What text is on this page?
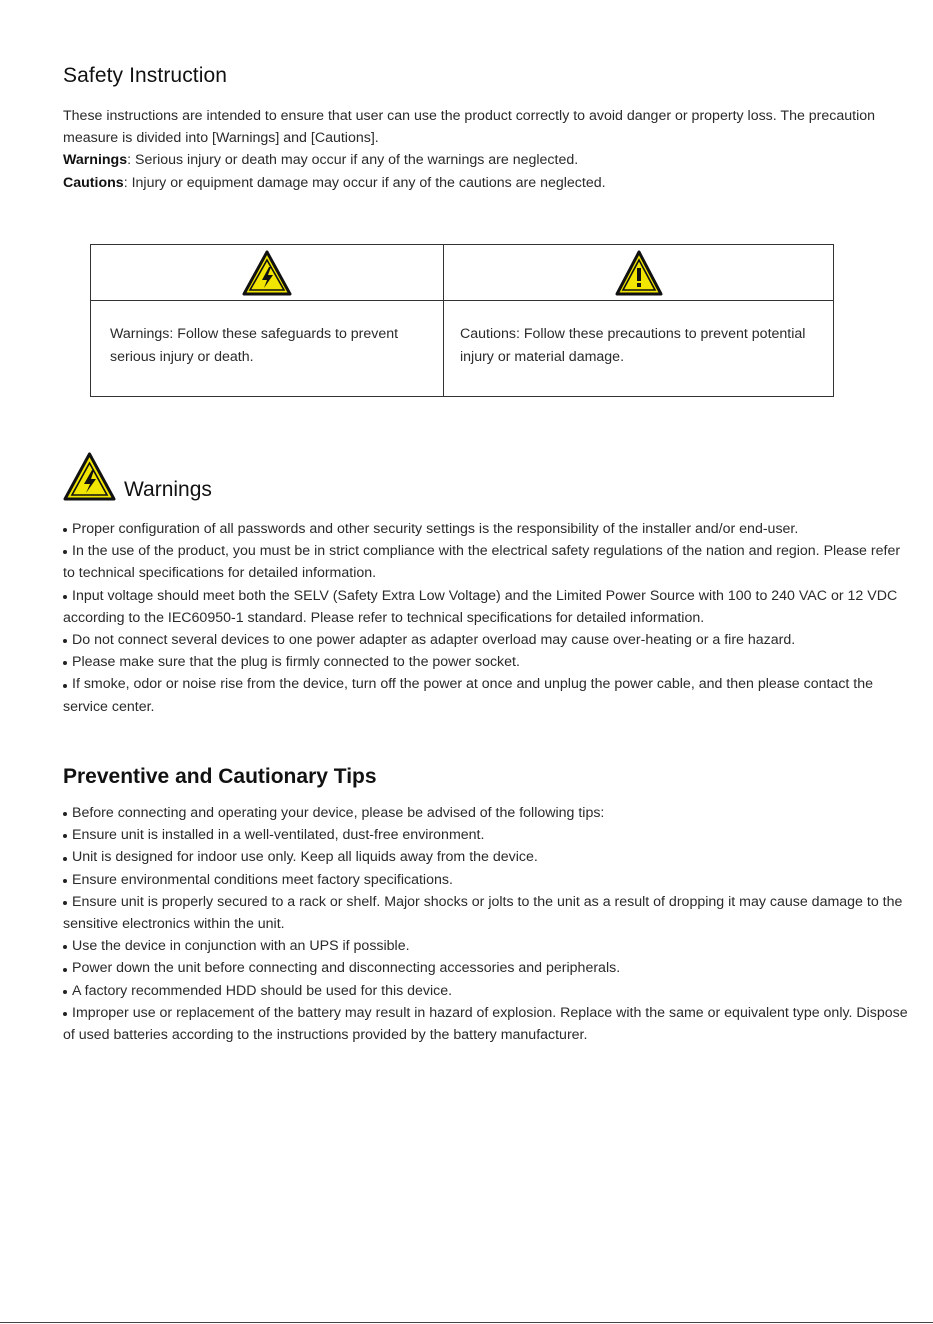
Safety Instruction
These instructions are intended to ensure that user can use the product correctly to avoid danger or property loss. The precaution measure is divided into [Warnings] and [Cautions].
Warnings: Serious injury or death may occur if any of the warnings are neglected.
Cautions: Injury or equipment damage may occur if any of the cautions are neglected.

Warnings: Follow these safeguards to prevent serious injury or death.	Cautions: Follow these precautions to prevent potential injury or material damage.
Warnings
Proper configuration of all passwords and other security settings is the responsibility of the installer and/or end-user.
In the use of the product, you must be in strict compliance with the electrical safety regulations of the nation and region. Please refer to technical specifications for detailed information.
Input voltage should meet both the SELV (Safety Extra Low Voltage) and the Limited Power Source with 100 to 240 VAC or 12 VDC according to the IEC60950-1 standard. Please refer to technical specifications for detailed information.
Do not connect several devices to one power adapter as adapter overload may cause over-heating or a fire hazard.
Please make sure that the plug is firmly connected to the power socket.
If smoke, odor or noise rise from the device, turn off the power at once and unplug the power cable, and then please contact the service center.
Preventive and Cautionary Tips
Before connecting and operating your device, please be advised of the following tips:
Ensure unit is installed in a well-ventilated, dust-free environment.
Unit is designed for indoor use only. Keep all liquids away from the device.
Ensure environmental conditions meet factory specifications.
Ensure unit is properly secured to a rack or shelf. Major shocks or jolts to the unit as a result of dropping it may cause damage to the sensitive electronics within the unit.
Use the device in conjunction with an UPS if possible.
Power down the unit before connecting and disconnecting accessories and peripherals.
A factory recommended HDD should be used for this device.
Improper use or replacement of the battery may result in hazard of explosion. Replace with the same or equivalent type only. Dispose of used batteries according to the instructions provided by the battery manufacturer.
